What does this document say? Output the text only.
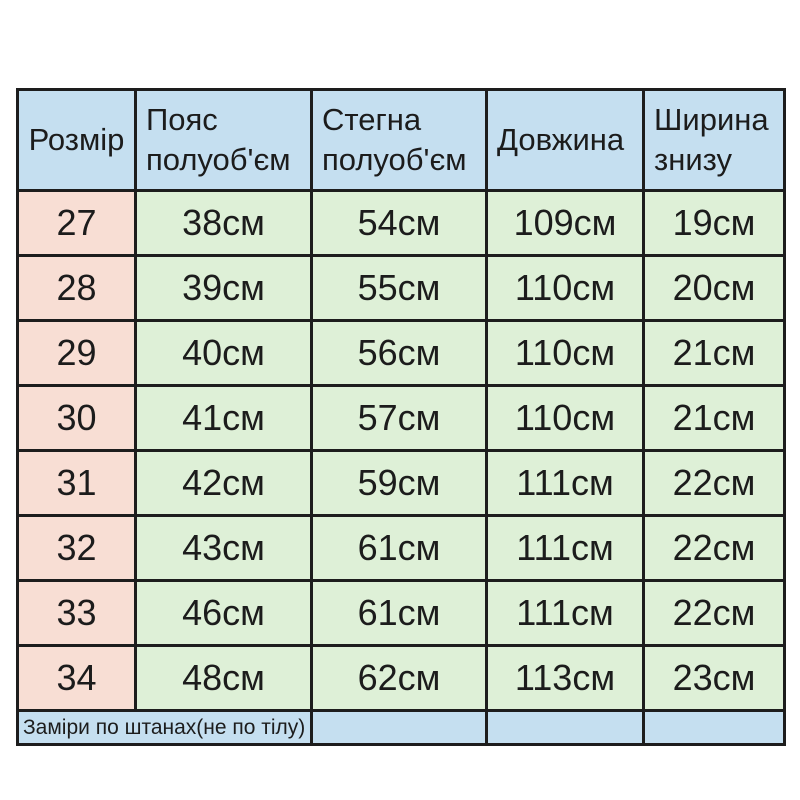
Розмір	Пояс полуоб'єм	Стегна полуоб'єм	Довжина	Ширина знизу
27	38см	54см	109см	19см
28	39см	55см	110см	20см
29	40см	56см	110см	21см
30	41см	57см	110см	21см
31	42см	59см	111см	22см
32	43см	61см	111см	22см
33	46см	61см	111см	22см
34	48см	62см	113см	23см
Заміри по штанах(не по тілу)				
